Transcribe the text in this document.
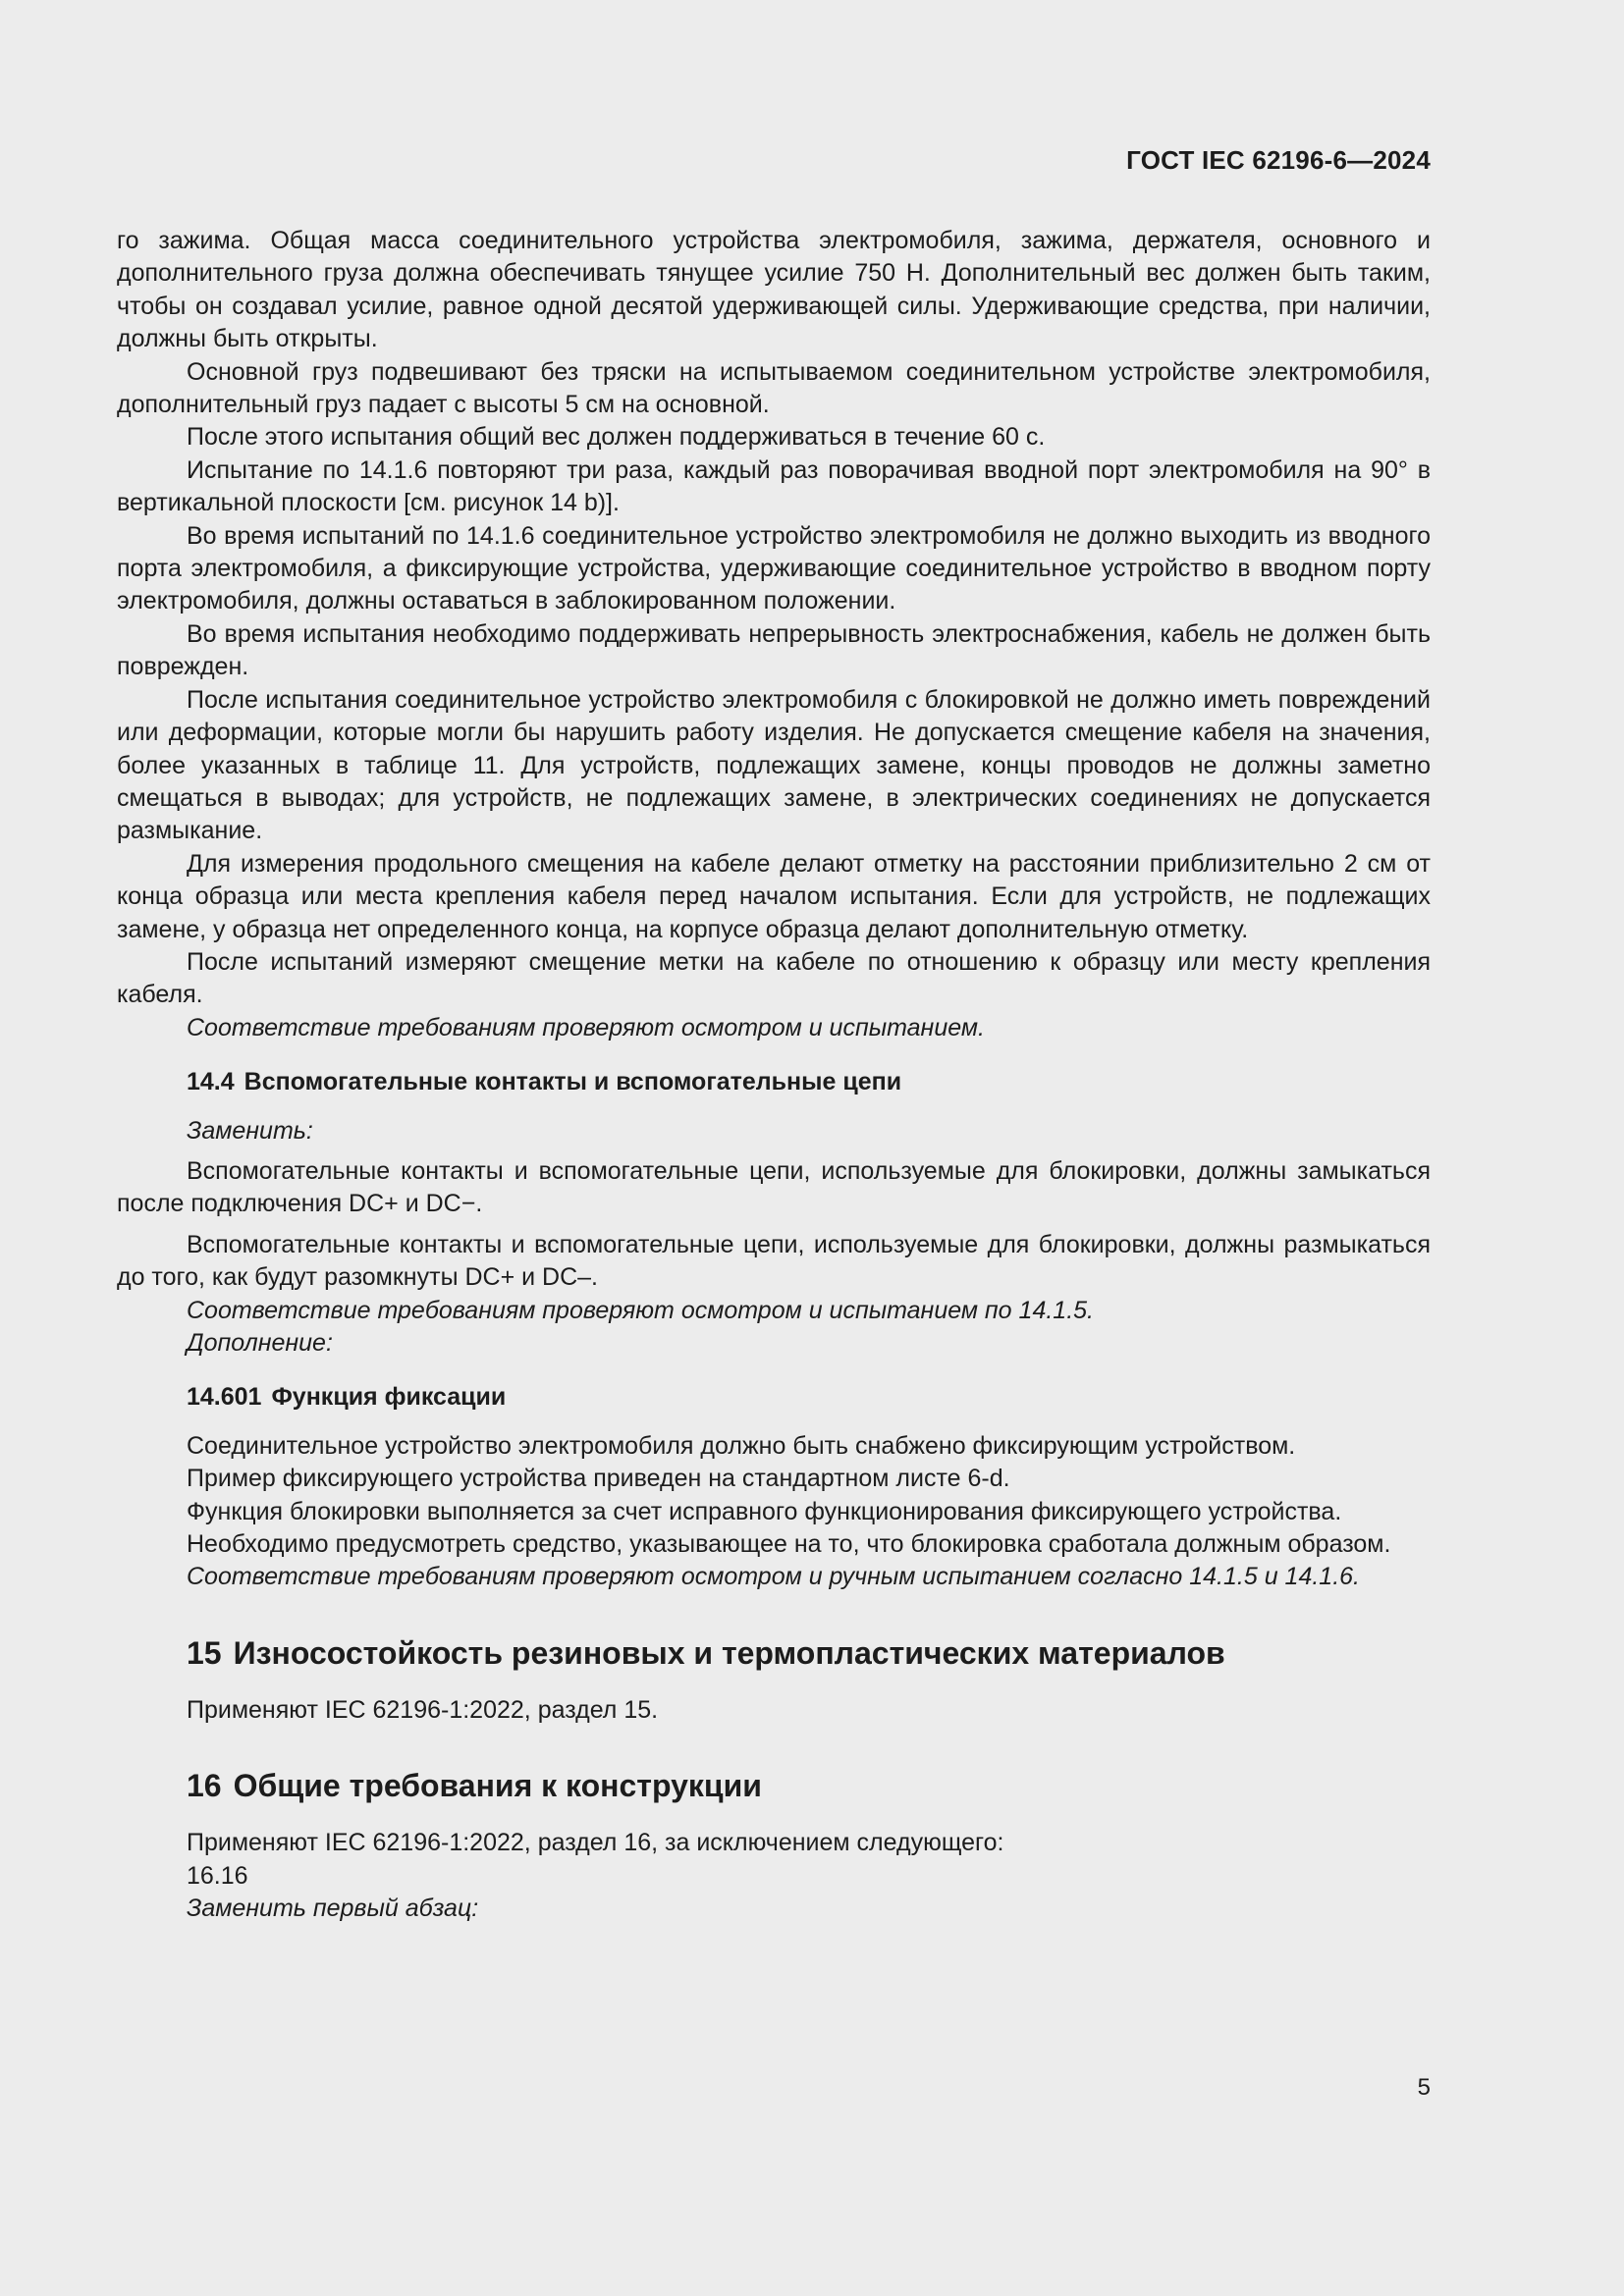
ГОСТ IEC 62196-6—2024

го зажима. Общая масса соединительного устройства электромобиля, зажима, держателя, основного и дополнительного груза должна обеспечивать тянущее усилие 750 Н. Дополнительный вес должен быть таким, чтобы он создавал усилие, равное одной десятой удерживающей силы. Удерживающие средства, при наличии, должны быть открыты.

Основной груз подвешивают без тряски на испытываемом соединительном устройстве электромобиля, дополнительный груз падает с высоты 5 см на основной.

После этого испытания общий вес должен поддерживаться в течение 60 с.

Испытание по 14.1.6 повторяют три раза, каждый раз поворачивая вводной порт электромобиля на 90° в вертикальной плоскости [см. рисунок 14 b)].

Во время испытаний по 14.1.6 соединительное устройство электромобиля не должно выходить из вводного порта электромобиля, а фиксирующие устройства, удерживающие соединительное устройство в вводном порту электромобиля, должны оставаться в заблокированном положении.

Во время испытания необходимо поддерживать непрерывность электроснабжения, кабель не должен быть поврежден.

После испытания соединительное устройство электромобиля с блокировкой не должно иметь повреждений или деформации, которые могли бы нарушить работу изделия. Не допускается смещение кабеля на значения, более указанных в таблице 11. Для устройств, подлежащих замене, концы проводов не должны заметно смещаться в выводах; для устройств, не подлежащих замене, в электрических соединениях не допускается размыкание.

Для измерения продольного смещения на кабеле делают отметку на расстоянии приблизительно 2 см от конца образца или места крепления кабеля перед началом испытания. Если для устройств, не подлежащих замене, у образца нет определенного конца, на корпусе образца делают дополнительную отметку.

После испытаний измеряют смещение метки на кабеле по отношению к образцу или месту крепления кабеля.

Соответствие требованиям проверяют осмотром и испытанием.

14.4 Вспомогательные контакты и вспомогательные цепи

Заменить:

Вспомогательные контакты и вспомогательные цепи, используемые для блокировки, должны замыкаться после подключения DC+ и DC−.

Вспомогательные контакты и вспомогательные цепи, используемые для блокировки, должны размыкаться до того, как будут разомкнуты DC+ и DC–.

Соответствие требованиям проверяют осмотром и испытанием по 14.1.5.

Дополнение:

14.601 Функция фиксации

Соединительное устройство электромобиля должно быть снабжено фиксирующим устройством.

Пример фиксирующего устройства приведен на стандартном листе 6-d.

Функция блокировки выполняется за счет исправного функционирования фиксирующего устройства.

Необходимо предусмотреть средство, указывающее на то, что блокировка сработала должным образом.

Соответствие требованиям проверяют осмотром и ручным испытанием согласно 14.1.5 и 14.1.6.

15 Износостойкость резиновых и термопластических материалов

Применяют IEC 62196-1:2022, раздел 15.

16 Общие требования к конструкции

Применяют IEC 62196-1:2022, раздел 16, за исключением следующего:

16.16

Заменить первый абзац:

5
